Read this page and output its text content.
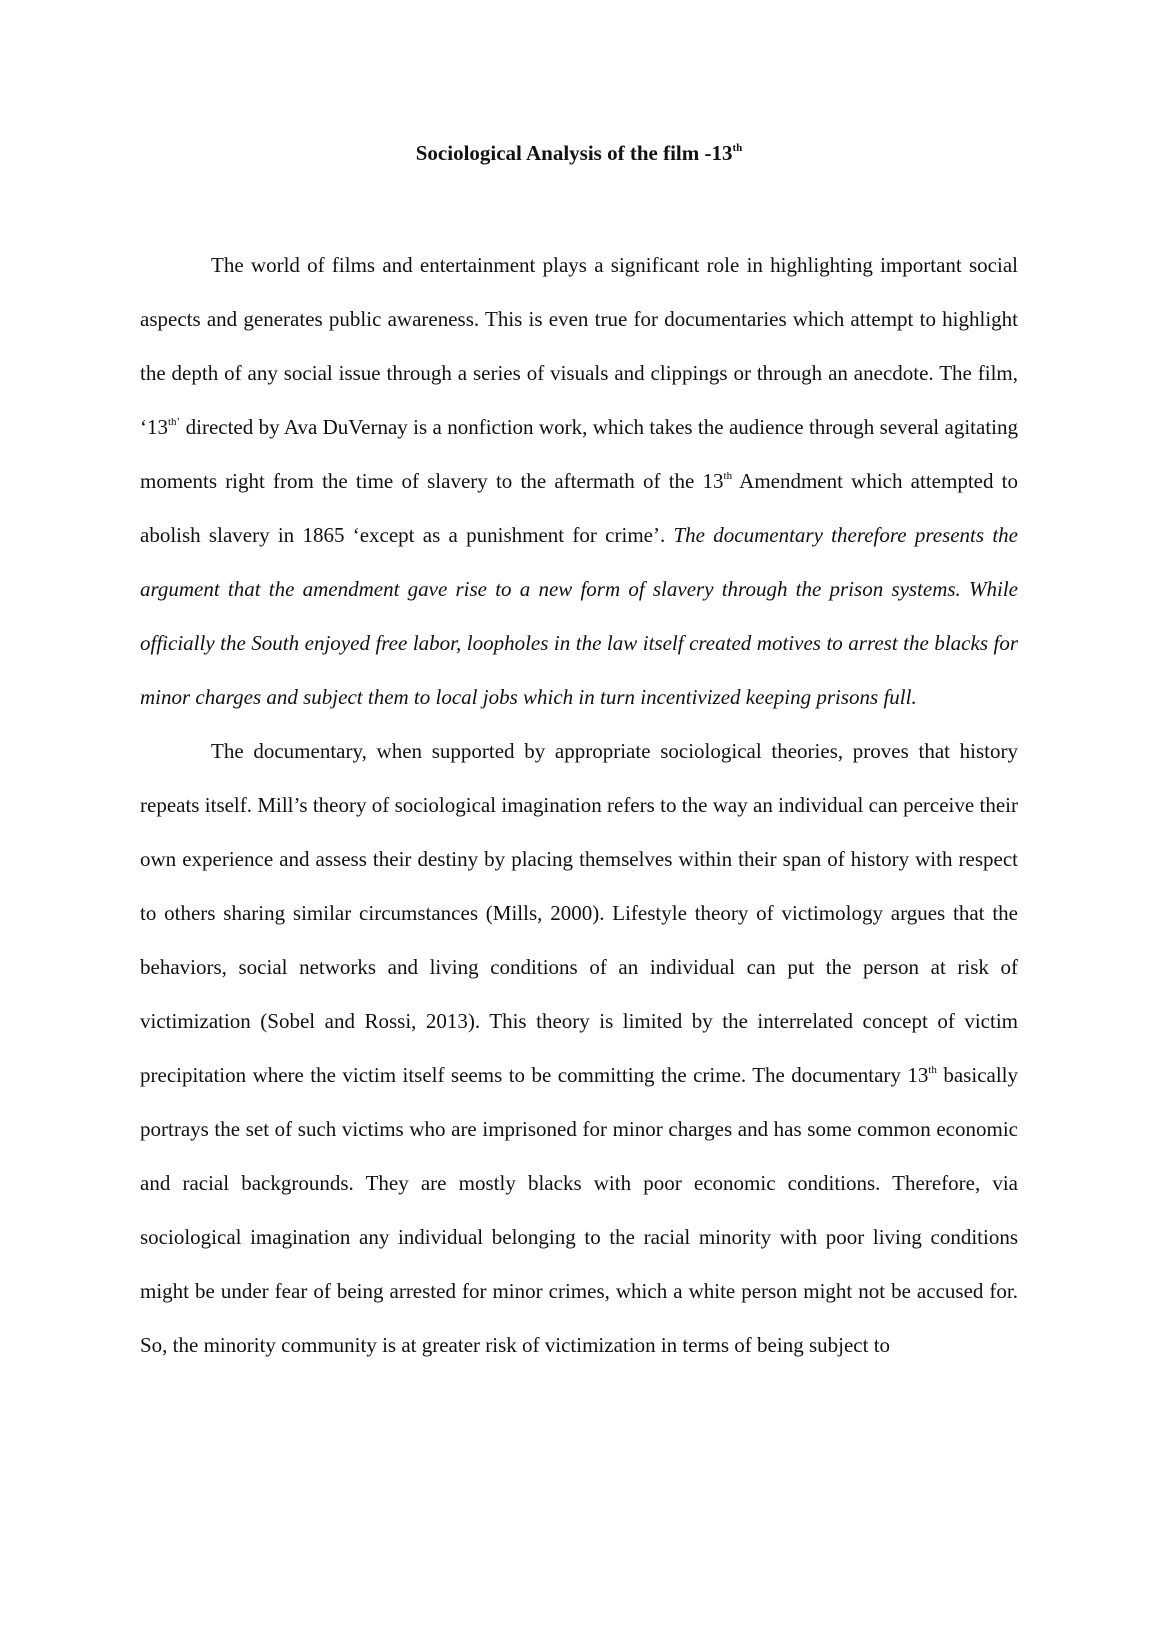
Sociological Analysis of the film -13th

The world of films and entertainment plays a significant role in highlighting important social aspects and generates public awareness. This is even true for documentaries which attempt to highlight the depth of any social issue through a series of visuals and clippings or through an anecdote. The film, ‘$13^{th’}$ directed by Ava DuVernay is a nonfiction work, which takes the audience through several agitating moments right from the time of slavery to the aftermath of the 13th Amendment which attempted to abolish slavery in 1865 ‘except as a punishment for crime’. The documentary therefore presents the argument that the amendment gave rise to a new form of slavery through the prison systems. While officially the South enjoyed free labor, loopholes in the law itself created motives to arrest the blacks for minor charges and subject them to local jobs which in turn incentivized keeping prisons full.

The documentary, when supported by appropriate sociological theories, proves that history repeats itself. Mill’s theory of sociological imagination refers to the way an individual can perceive their own experience and assess their destiny by placing themselves within their span of history with respect to others sharing similar circumstances (Mills, 2000). Lifestyle theory of victimology argues that the behaviors, social networks and living conditions of an individual can put the person at risk of victimization (Sobel and Rossi, 2013). This theory is limited by the interrelated concept of victim precipitation where the victim itself seems to be committing the crime. The documentary 13th basically portrays the set of such victims who are imprisoned for minor charges and has some common economic and racial backgrounds. They are mostly blacks with poor economic conditions. Therefore, via sociological imagination any individual belonging to the racial minority with poor living conditions might be under fear of being arrested for minor crimes, which a white person might not be accused for. So, the minority community is at greater risk of victimization in terms of being subject to
